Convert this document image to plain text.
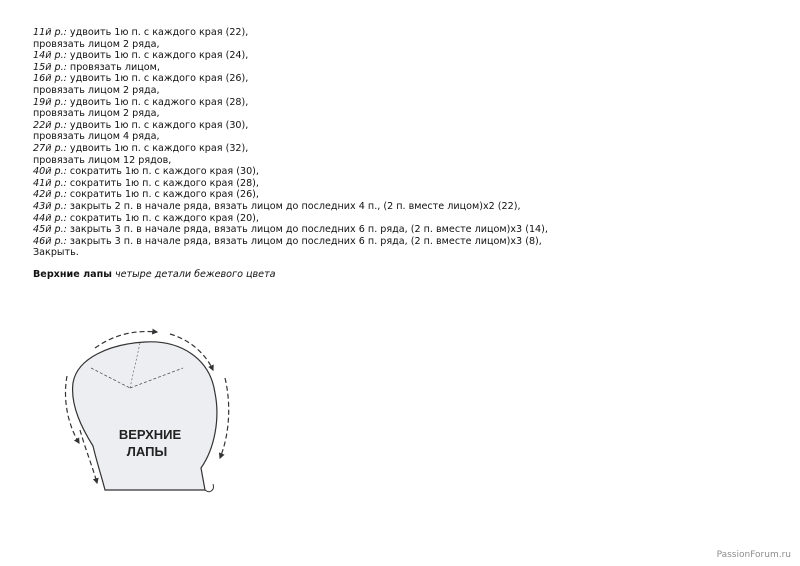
11й р.: удвоить 1ю п. с каждого края (22),
провязать лицом 2 ряда,
14й р.: удвоить 1ю п. с каждого края (24),
15й р.: провязать лицом,
16й р.: удвоить 1ю п. с каждого края (26),
провязать лицом 2 ряда,
19й р.: удвоить 1ю п. с каджого края (28),
провязать лицом 2 ряда,
22й р.: удвоить 1ю п. с каждого края (30),
провязать лицом 4 ряда,
27й р.: удвоить 1ю п. с каждого края (32),
провязать лицом 12 рядов,
40й р.: сократить 1ю п. с каждого края (30),
41й р.: сократить 1ю п. с каждого края (28),
42й р.: сократить 1ю п. с каждого края (26),
43й р.: закрыть 2 п. в начале ряда, вязать лицом до последних 4 п., (2 п. вместе лицом)x2 (22),
44й р.: сократить 1ю п. с каждого края (20),
45й р.: закрыть 3 п. в начале ряда, вязать лицом до последних 6 п. ряда, (2 п. вместе лицом)x3 (14),
46й р.: закрыть 3 п. в начале ряда, вязать лицом до последних 6 п. ряда, (2 п. вместе лицом)x3 (8),
Закрыть.
Верхние лапы четыре детали бежевого цвета
ВЕРХНИЕ
ЛАПЫ
PassionForum.ru
